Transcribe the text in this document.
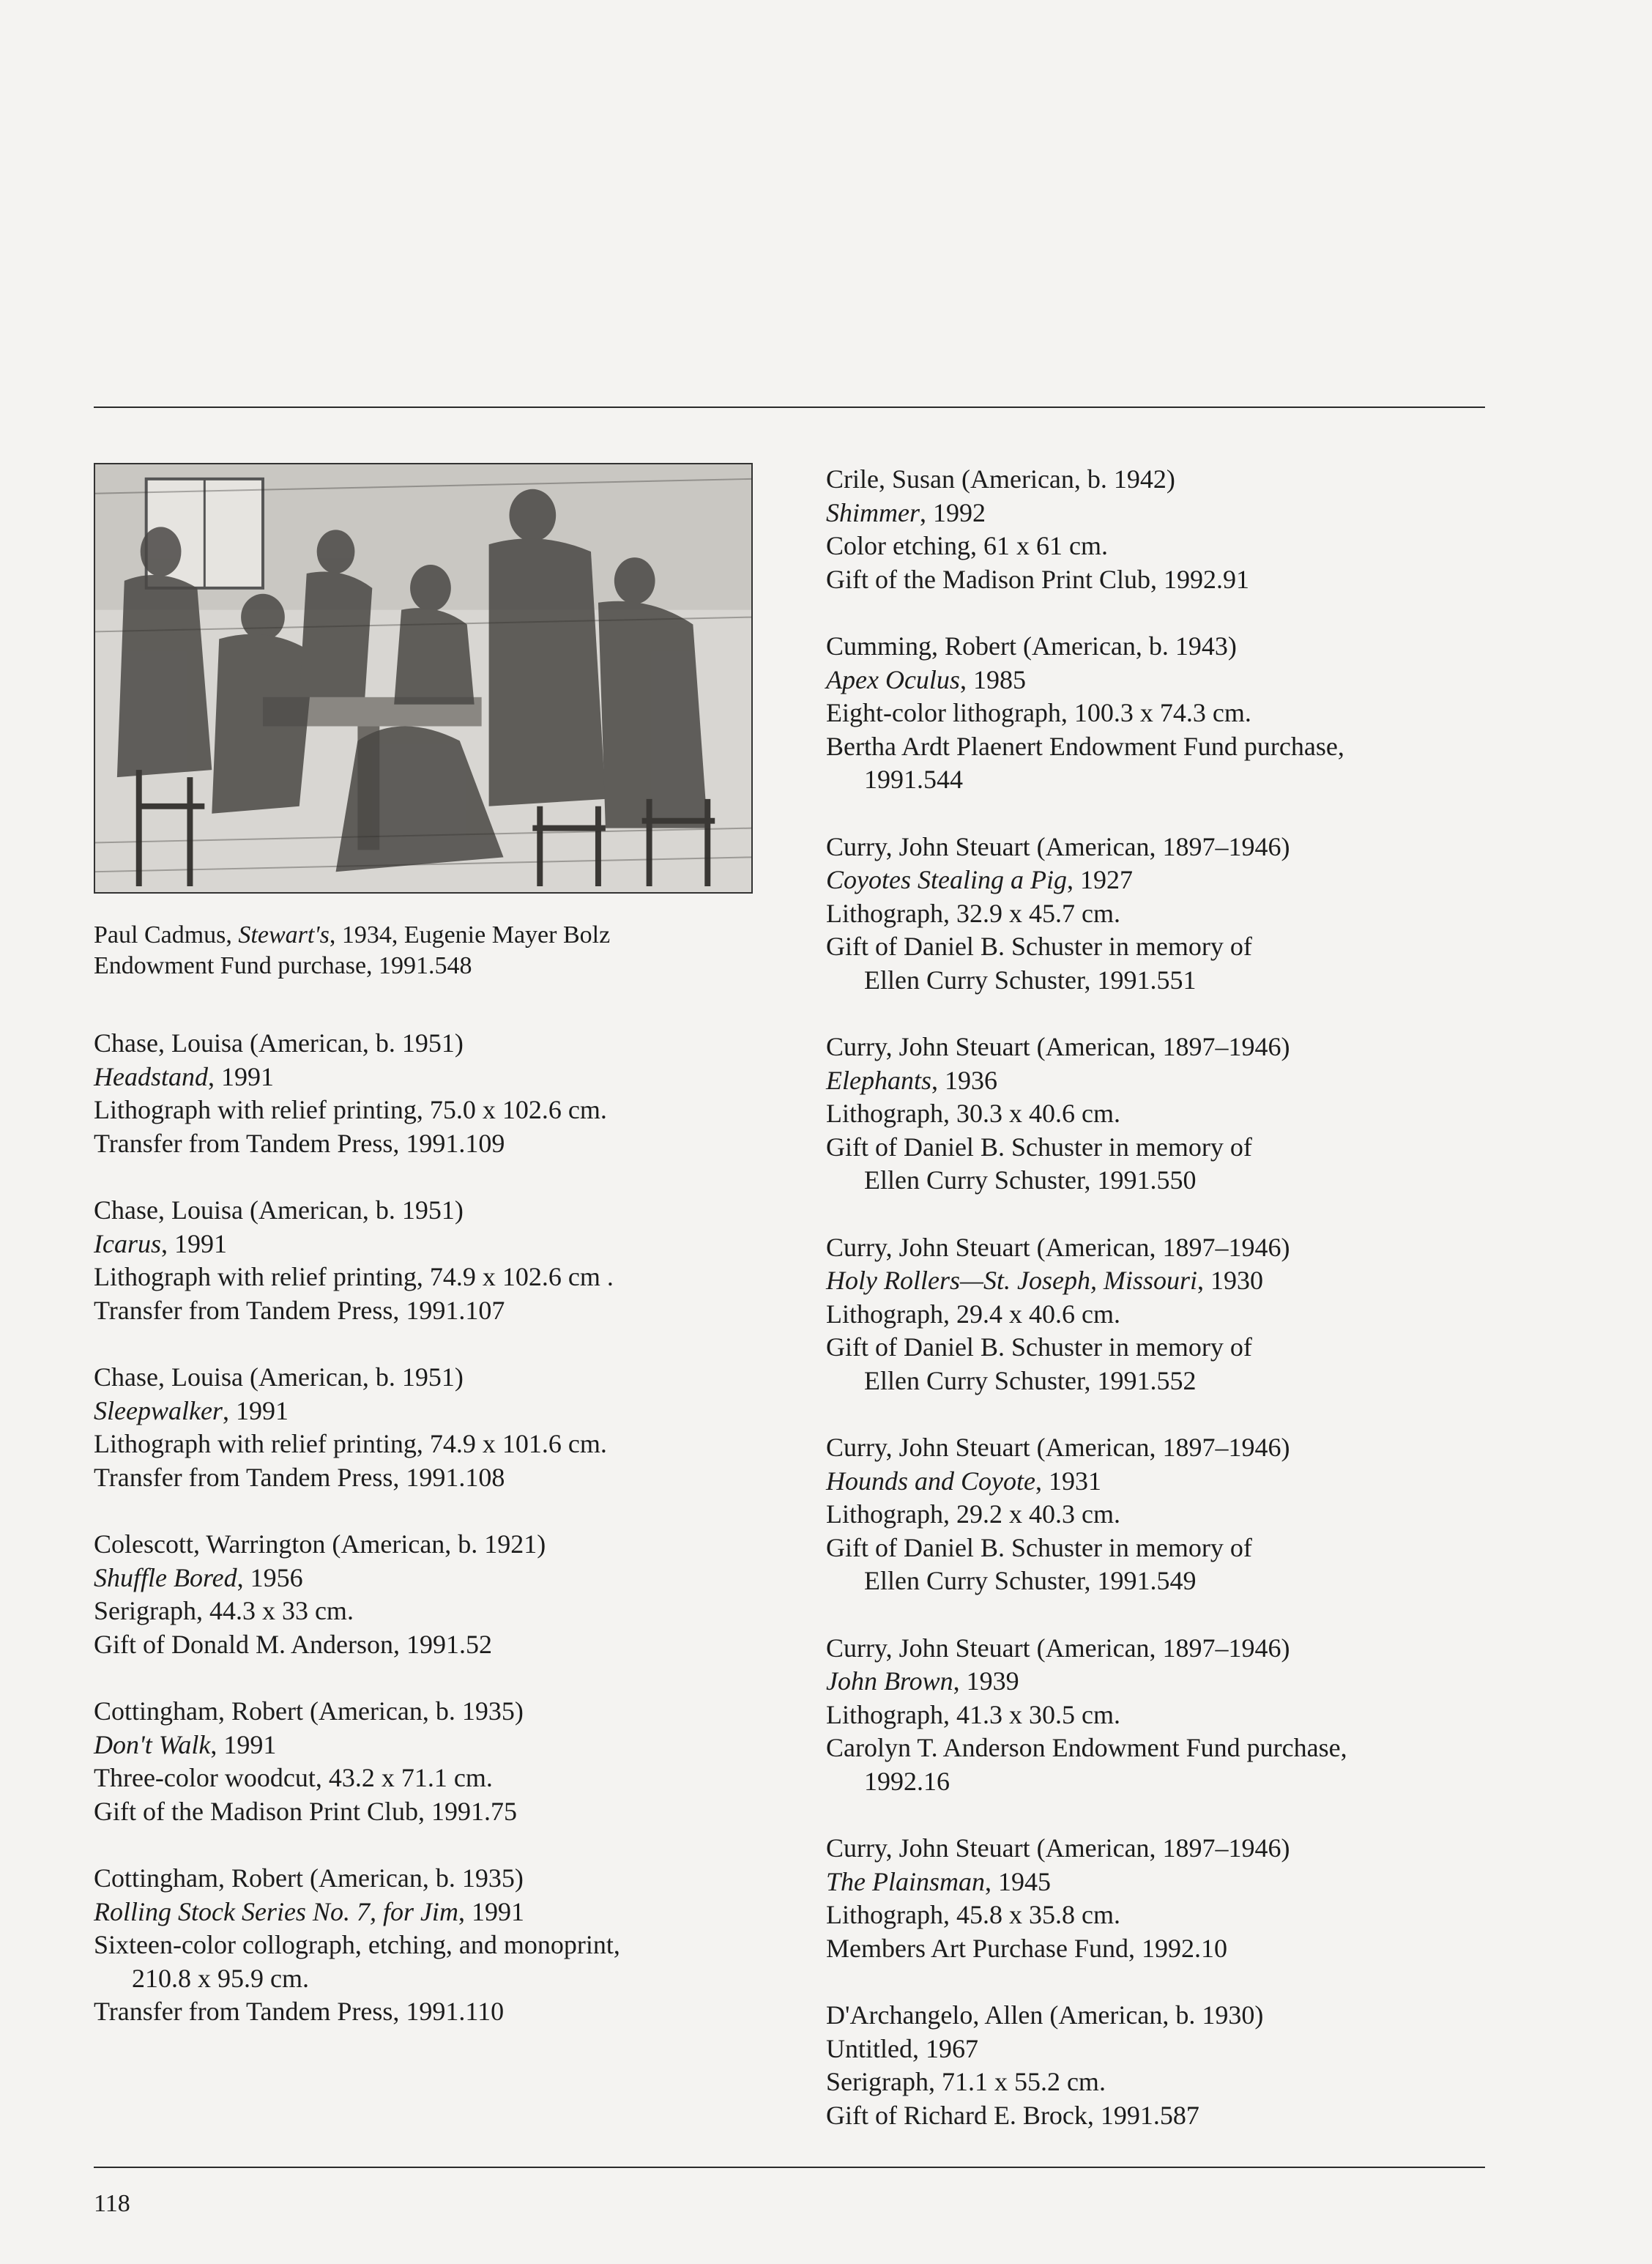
Paul Cadmus, Stewart's, 1934, Eugenie Mayer Bolz
Endowment Fund purchase, 1991.548
Chase, Louisa (American, b. 1951)
Headstand, 1991
Lithograph with relief printing, 75.0 x 102.6 cm.
Transfer from Tandem Press, 1991.109
Chase, Louisa (American, b. 1951)
Icarus, 1991
Lithograph with relief printing, 74.9 x 102.6 cm .
Transfer from Tandem Press, 1991.107
Chase, Louisa (American, b. 1951)
Sleepwalker, 1991
Lithograph with relief printing, 74.9 x 101.6 cm.
Transfer from Tandem Press, 1991.108
Colescott, Warrington (American, b. 1921)
Shuffle Bored, 1956
Serigraph, 44.3 x 33 cm.
Gift of Donald M. Anderson, 1991.52
Cottingham, Robert (American, b. 1935)
Don't Walk, 1991
Three-color woodcut, 43.2 x 71.1 cm.
Gift of the Madison Print Club, 1991.75
Cottingham, Robert (American, b. 1935)
Rolling Stock Series No. 7, for Jim, 1991
Sixteen-color collograph, etching, and monoprint,
210.8 x 95.9 cm.
Transfer from Tandem Press, 1991.110
Crile, Susan (American, b. 1942)
Shimmer, 1992
Color etching, 61 x 61 cm.
Gift of the Madison Print Club, 1992.91
Cumming, Robert (American, b. 1943)
Apex Oculus, 1985
Eight-color lithograph, 100.3 x 74.3 cm.
Bertha Ardt Plaenert Endowment Fund purchase,
1991.544
Curry, John Steuart (American, 1897–1946)
Coyotes Stealing a Pig, 1927
Lithograph, 32.9 x 45.7 cm.
Gift of Daniel B. Schuster in memory of
Ellen Curry Schuster, 1991.551
Curry, John Steuart (American, 1897–1946)
Elephants, 1936
Lithograph, 30.3 x 40.6 cm.
Gift of Daniel B. Schuster in memory of
Ellen Curry Schuster, 1991.550
Curry, John Steuart (American, 1897–1946)
Holy Rollers—St. Joseph, Missouri, 1930
Lithograph, 29.4 x 40.6 cm.
Gift of Daniel B. Schuster in memory of
Ellen Curry Schuster, 1991.552
Curry, John Steuart (American, 1897–1946)
Hounds and Coyote, 1931
Lithograph, 29.2 x 40.3 cm.
Gift of Daniel B. Schuster in memory of
Ellen Curry Schuster, 1991.549
Curry, John Steuart (American, 1897–1946)
John Brown, 1939
Lithograph, 41.3 x 30.5 cm.
Carolyn T. Anderson Endowment Fund purchase,
1992.16
Curry, John Steuart (American, 1897–1946)
The Plainsman, 1945
Lithograph, 45.8 x 35.8 cm.
Members Art Purchase Fund, 1992.10
D'Archangelo, Allen (American, b. 1930)
Untitled, 1967
Serigraph, 71.1 x 55.2 cm.
Gift of Richard E. Brock, 1991.587
118
